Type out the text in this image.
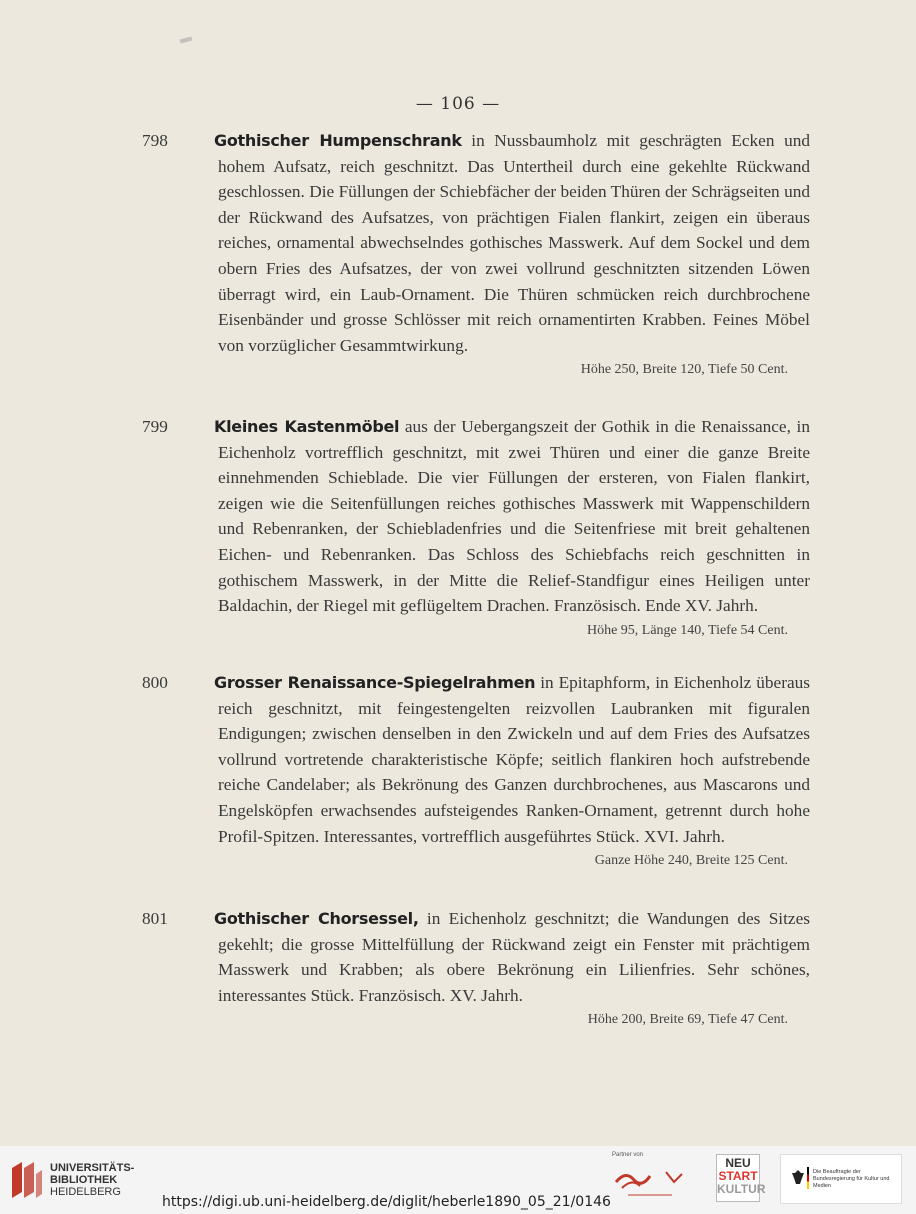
— 106 —

798	Gothischer Humpenschrank in Nussbaumholz mit geschrägten Ecken und hohem Aufsatz, reich geschnitzt. Das Untertheil durch eine gekehlte Rückwand geschlossen. Die Füllungen der Schiebfächer der beiden Thüren der Schrägseiten und der Rückwand des Aufsatzes, von prächtigen Fialen flankirt, zeigen ein überaus reiches, ornamental abwechselndes gothisches Masswerk. Auf dem Sockel und dem obern Fries des Aufsatzes, der von zwei vollrund geschnitzten sitzenden Löwen überragt wird, ein Laub-Ornament. Die Thüren schmücken reich durchbrochene Eisenbänder und grosse Schlösser mit reich ornamentirten Krabben. Feines Möbel von vorzüglicher Gesammtwirkung.

Höhe 250, Breite 120, Tiefe 50 Cent.

799	Kleines Kastenmöbel aus der Uebergangszeit der Gothik in die Renaissance, in Eichenholz vortrefflich geschnitzt, mit zwei Thüren und einer die ganze Breite einnehmenden Schieblade. Die vier Füllungen der ersteren, von Fialen flankirt, zeigen wie die Seitenfüllungen reiches gothisches Masswerk mit Wappenschildern und Rebenranken, der Schiebladenfries und die Seitenfriese mit breit gehaltenen Eichen- und Rebenranken. Das Schloss des Schiebfachs reich geschnitten in gothischem Masswerk, in der Mitte die Relief-Standfigur eines Heiligen unter Baldachin, der Riegel mit geflügeltem Drachen. Französisch. Ende XV. Jahrh.

Höhe 95, Länge 140, Tiefe 54 Cent.

800	Grosser Renaissance-Spiegelrahmen in Epitaphform, in Eichenholz überaus reich geschnitzt, mit feingestengelten reizvollen Laubranken mit figuralen Endigungen; zwischen denselben in den Zwickeln und auf dem Fries des Aufsatzes vollrund vortretende charakteristische Köpfe; seitlich flankiren hoch aufstrebende reiche Candelaber; als Bekrönung des Ganzen durchbrochenes, aus Mascarons und Engelsköpfen erwachsendes aufsteigendes Ranken-Ornament, getrennt durch hohe Profil-Spitzen. Interessantes, vortrefflich ausgeführtes Stück. XVI. Jahrh.

Ganze Höhe 240, Breite 125 Cent.

801	Gothischer Chorsessel, in Eichenholz geschnitzt; die Wandungen des Sitzes gekehlt; die grosse Mittelfüllung der Rückwand zeigt ein Fenster mit prächtigem Masswerk und Krabben; als obere Bekrönung ein Lilienfries. Sehr schönes, interessantes Stück. Französisch. XV. Jahrh.

Höhe 200, Breite 69, Tiefe 47 Cent.
UNIVERSITÄTS-
BIBLIOTHEK
HEIDELBERG
https://digi.ub.uni-heidelberg.de/diglit/heberle1890_05_21/0146
Partner von
NEU
START
KULTUR
Die Beauftragte der Bundesregierung für Kultur und Medien
